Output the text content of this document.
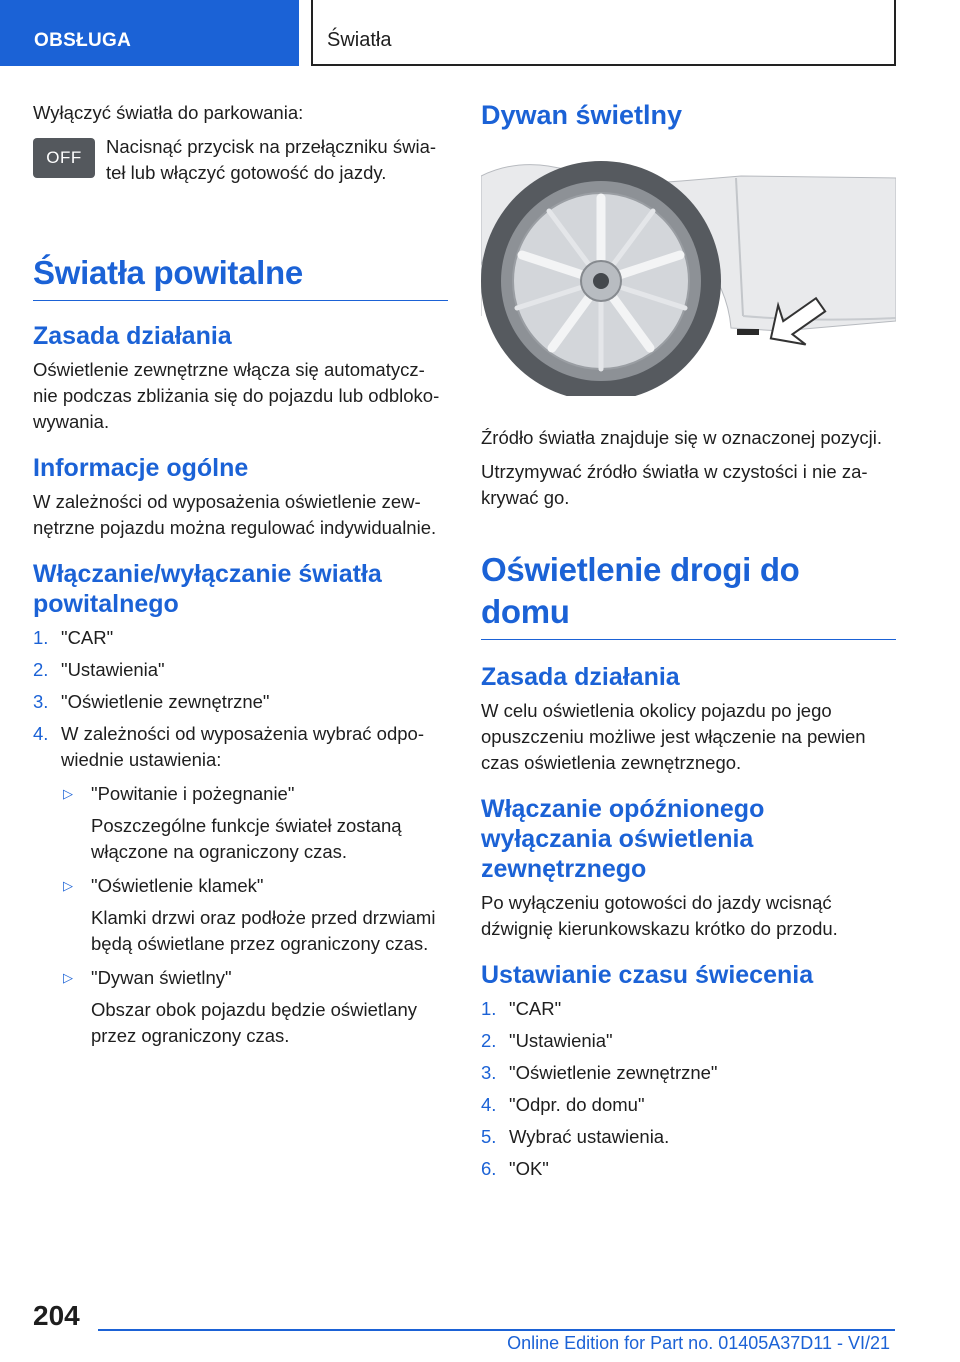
OBSŁUGA	Światła

Wyłączyć światła do parkowania:

OFF

Nacisnąć przycisk na przełączniku świa-teł lub włączyć gotowość do jazdy.

Światła powitalne
Zasada działania

Oświetlenie zewnętrzne włącza się automatycz-nie podczas zbliżania się do pojazdu lub odbloko-wywania.

Informacje ogólne

W zależności od wyposażenia oświetlenie zew-nętrzne pojazdu można regulować indywidualnie.

Włączanie/wyłączanie światła powitalnego
1. "CAR"
2. "Ustawienia"
3. "Oświetlenie zewnętrzne"
4. W zależności od wyposażenia wybrać odpo-wiednie ustawienia:
▷ "Powitanie i pożegnanie"
Poszczególne funkcje świateł zostaną włączone na ograniczony czas.
▷ "Oświetlenie klamek"
Klamki drzwi oraz podłoże przed drzwiami będą oświetlane przez ograniczony czas.
▷ "Dywan świetlny"
Obszar obok pojazdu będzie oświetlany przez ograniczony czas.
Dywan świetlny

Źródło światła znajduje się w oznaczonej pozycji.

Utrzymywać źródło światła w czystości i nie za-krywać go.

Oświetlenie drogi do domu
Zasada działania

W celu oświetlenia okolicy pojazdu po jego opuszczeniu możliwe jest włączenie na pewien czas oświetlenia zewnętrznego.

Włączanie opóźnionego wyłączania oświetlenia zewnętrznego

Po wyłączeniu gotowości do jazdy wcisnąć dźwignię kierunkowskazu krótko do przodu.

Ustawianie czasu świecenia
1. "CAR"
2. "Ustawienia"
3. "Oświetlenie zewnętrzne"
4. "Odpr. do domu"
5. Wybrać ustawienia.
6. "OK"
204
Online Edition for Part no. 01405A37D11 - VI/21
